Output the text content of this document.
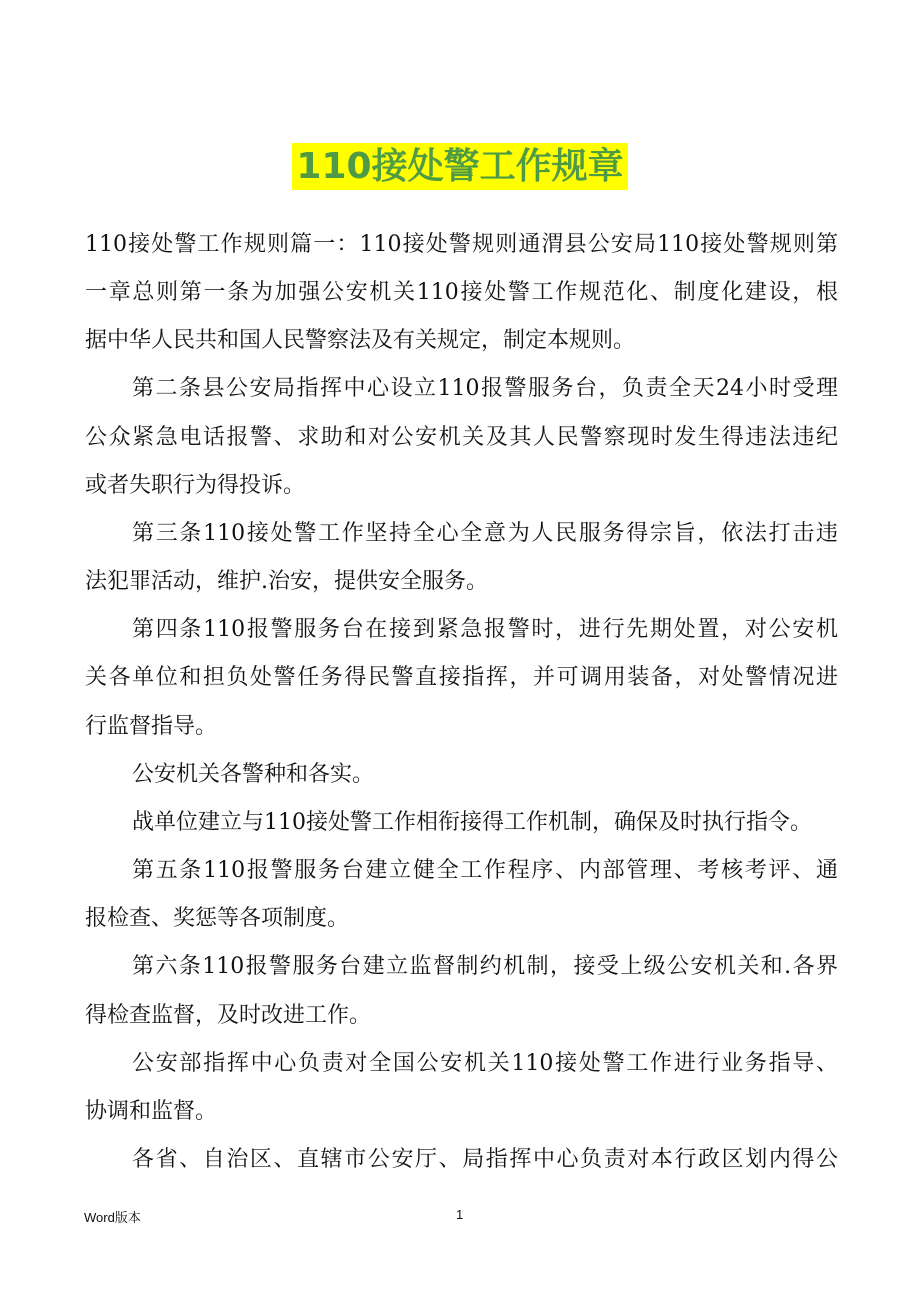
110接处警工作规章
110接处警工作规则篇一：110接处警规则通渭县公安局110接处警规则第
一章总则第一条为加强公安机关110接处警工作规范化、制度化建设，根
据中华人民共和国人民警察法及有关规定，制定本规则。
第二条县公安局指挥中心设立110报警服务台，负责全天24小时受理
公众紧急电话报警、求助和对公安机关及其人民警察现时发生得违法违纪
或者失职行为得投诉。
第三条110接处警工作坚持全心全意为人民服务得宗旨，依法打击违
法犯罪活动，维护.治安，提供安全服务。
第四条110报警服务台在接到紧急报警时，进行先期处置，对公安机
关各单位和担负处警任务得民警直接指挥，并可调用装备，对处警情况进
行监督指导。
公安机关各警种和各实。
战单位建立与110接处警工作相衔接得工作机制，确保及时执行指令。
第五条110报警服务台建立健全工作程序、内部管理、考核考评、通
报检查、奖惩等各项制度。
第六条110报警服务台建立监督制约机制，接受上级公安机关和.各界
得检查监督，及时改进工作。
公安部指挥中心负责对全国公安机关110接处警工作进行业务指导、
协调和监督。
各省、自治区、直辖市公安厅、局指挥中心负责对本行政区划内得公
Word版本	1
